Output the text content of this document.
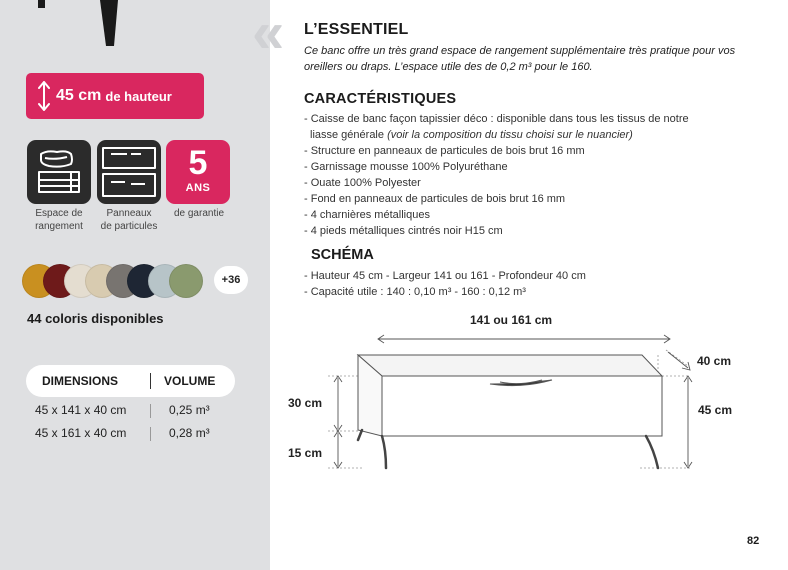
45 cm de hauteur
5
ANS
Espace de
rangement
Panneaux
de particules
de garantie
+36
44 coloris disponibles
DIMENSIONS	VOLUME
45 x 141 x 40 cm	0,25 m³
45 x 161 x 40 cm	0,28 m³
« L’ESSENTIEL
Ce banc offre un très grand espace de rangement supplémentaire très pratique pour vos oreillers ou draps. L’espace utile des de 0,2 m³ pour le 160.
CARACTÉRISTIQUES
- Caisse de banc façon tapissier déco : disponible dans tous les tissus de notre
liasse générale (voir la composition du tissu choisi sur le nuancier)
- Structure en panneaux de particules de bois brut 16 mm
- Garnissage mousse 100% Polyuréthane
- Ouate 100% Polyester
- Fond en panneaux de particules de bois brut 16 mm
- 4 charnières métalliques
- 4 pieds métalliques cintrés noir H15 cm
SCHÉMA
- Hauteur 45 cm - Largeur 141 ou 161 - Profondeur 40 cm
- Capacité utile : 140 : 0,10 m³ - 160 : 0,12 m³
141 ou 161 cm
40 cm
45 cm
30 cm
15 cm
82
